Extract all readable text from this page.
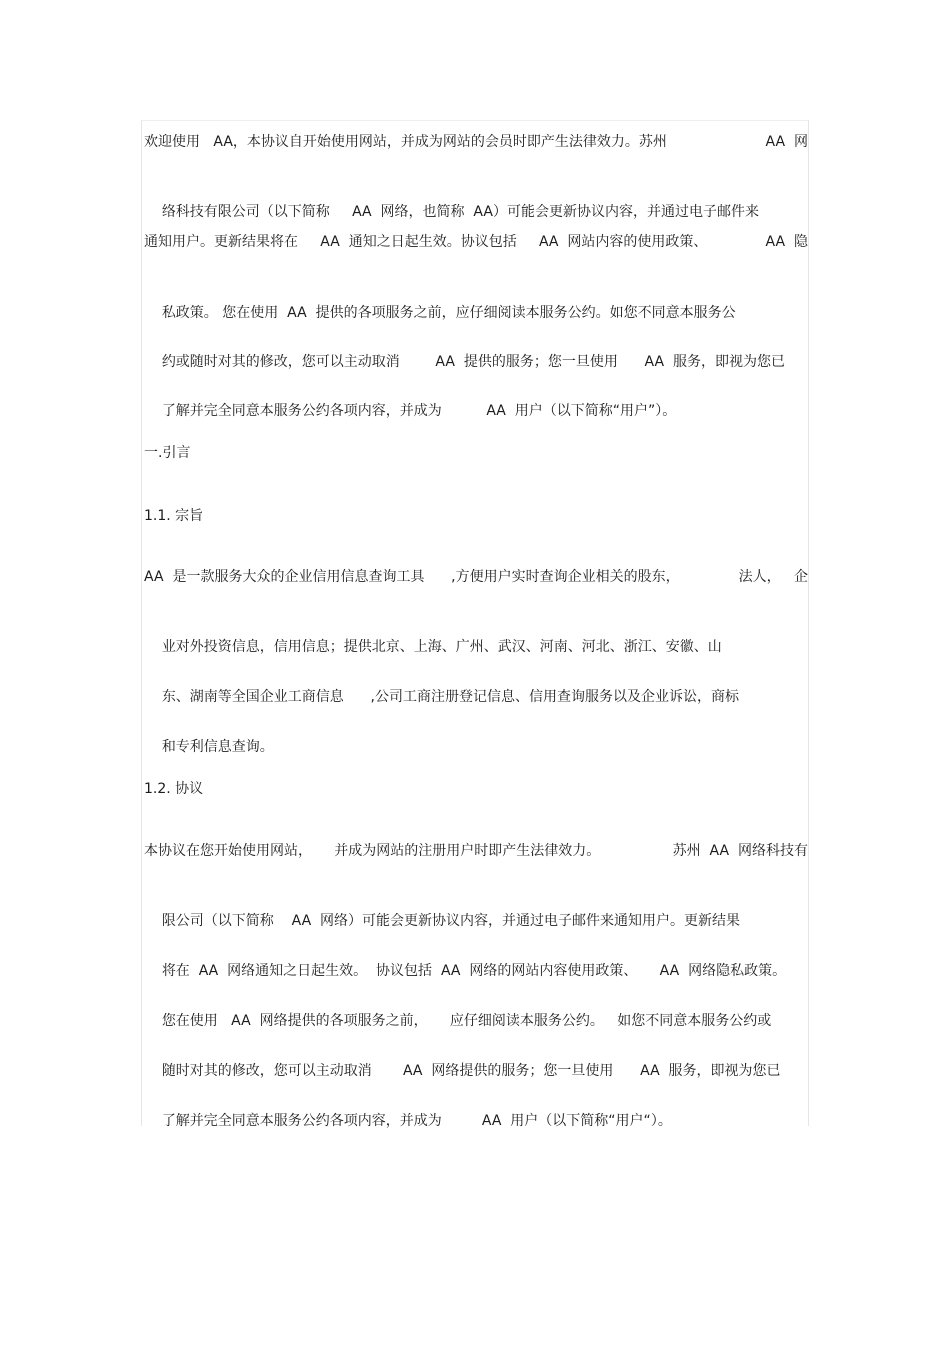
欢迎使用   AA，本协议自开始使用网站，并成为网站的会员时即产生法律效力。苏州	AA  网

络科技有限公司（以下简称     AA  网络，也简称  AA）可能会更新协议内容，并通过电子邮件来

通知用户。更新结果将在     AA  通知之日起生效。协议包括     AA  网站内容的使用政策、	AA  隐

私政策。 您在使用  AA  提供的各项服务之前，应仔细阅读本服务公约。如您不同意本服务公

约或随时对其的修改，您可以主动取消        AA  提供的服务；您一旦使用      AA  服务，即视为您已

了解并完全同意本服务公约各项内容，并成为          AA  用户（以下简称“用户”）。

一.引言
1.1. 宗旨
AA  是一款服务大众的企业信用信息查询工具      ,方便用户实时查询企业相关的股东，	法人，   企

业对外投资信息，信用信息；提供北京、上海、广州、武汉、河南、河北、浙江、安徽、山

东、湖南等全国企业工商信息      ,公司工商注册登记信息、信用查询服务以及企业诉讼，商标

和专利信息查询。

1.2. 协议
本协议在您开始使用网站，     并成为网站的注册用户时即产生法律效力。	苏州  AA  网络科技有

限公司（以下简称    AA  网络）可能会更新协议内容，并通过电子邮件来通知用户。更新结果

将在  AA  网络通知之日起生效。  协议包括  AA  网络的网站内容使用政策、     AA  网络隐私政策。

您在使用   AA  网络提供的各项服务之前，     应仔细阅读本服务公约。   如您不同意本服务公约或

随时对其的修改，您可以主动取消       AA  网络提供的服务；您一旦使用      AA  服务，即视为您已

了解并完全同意本服务公约各项内容，并成为         AA  用户（以下简称“用户“）。
